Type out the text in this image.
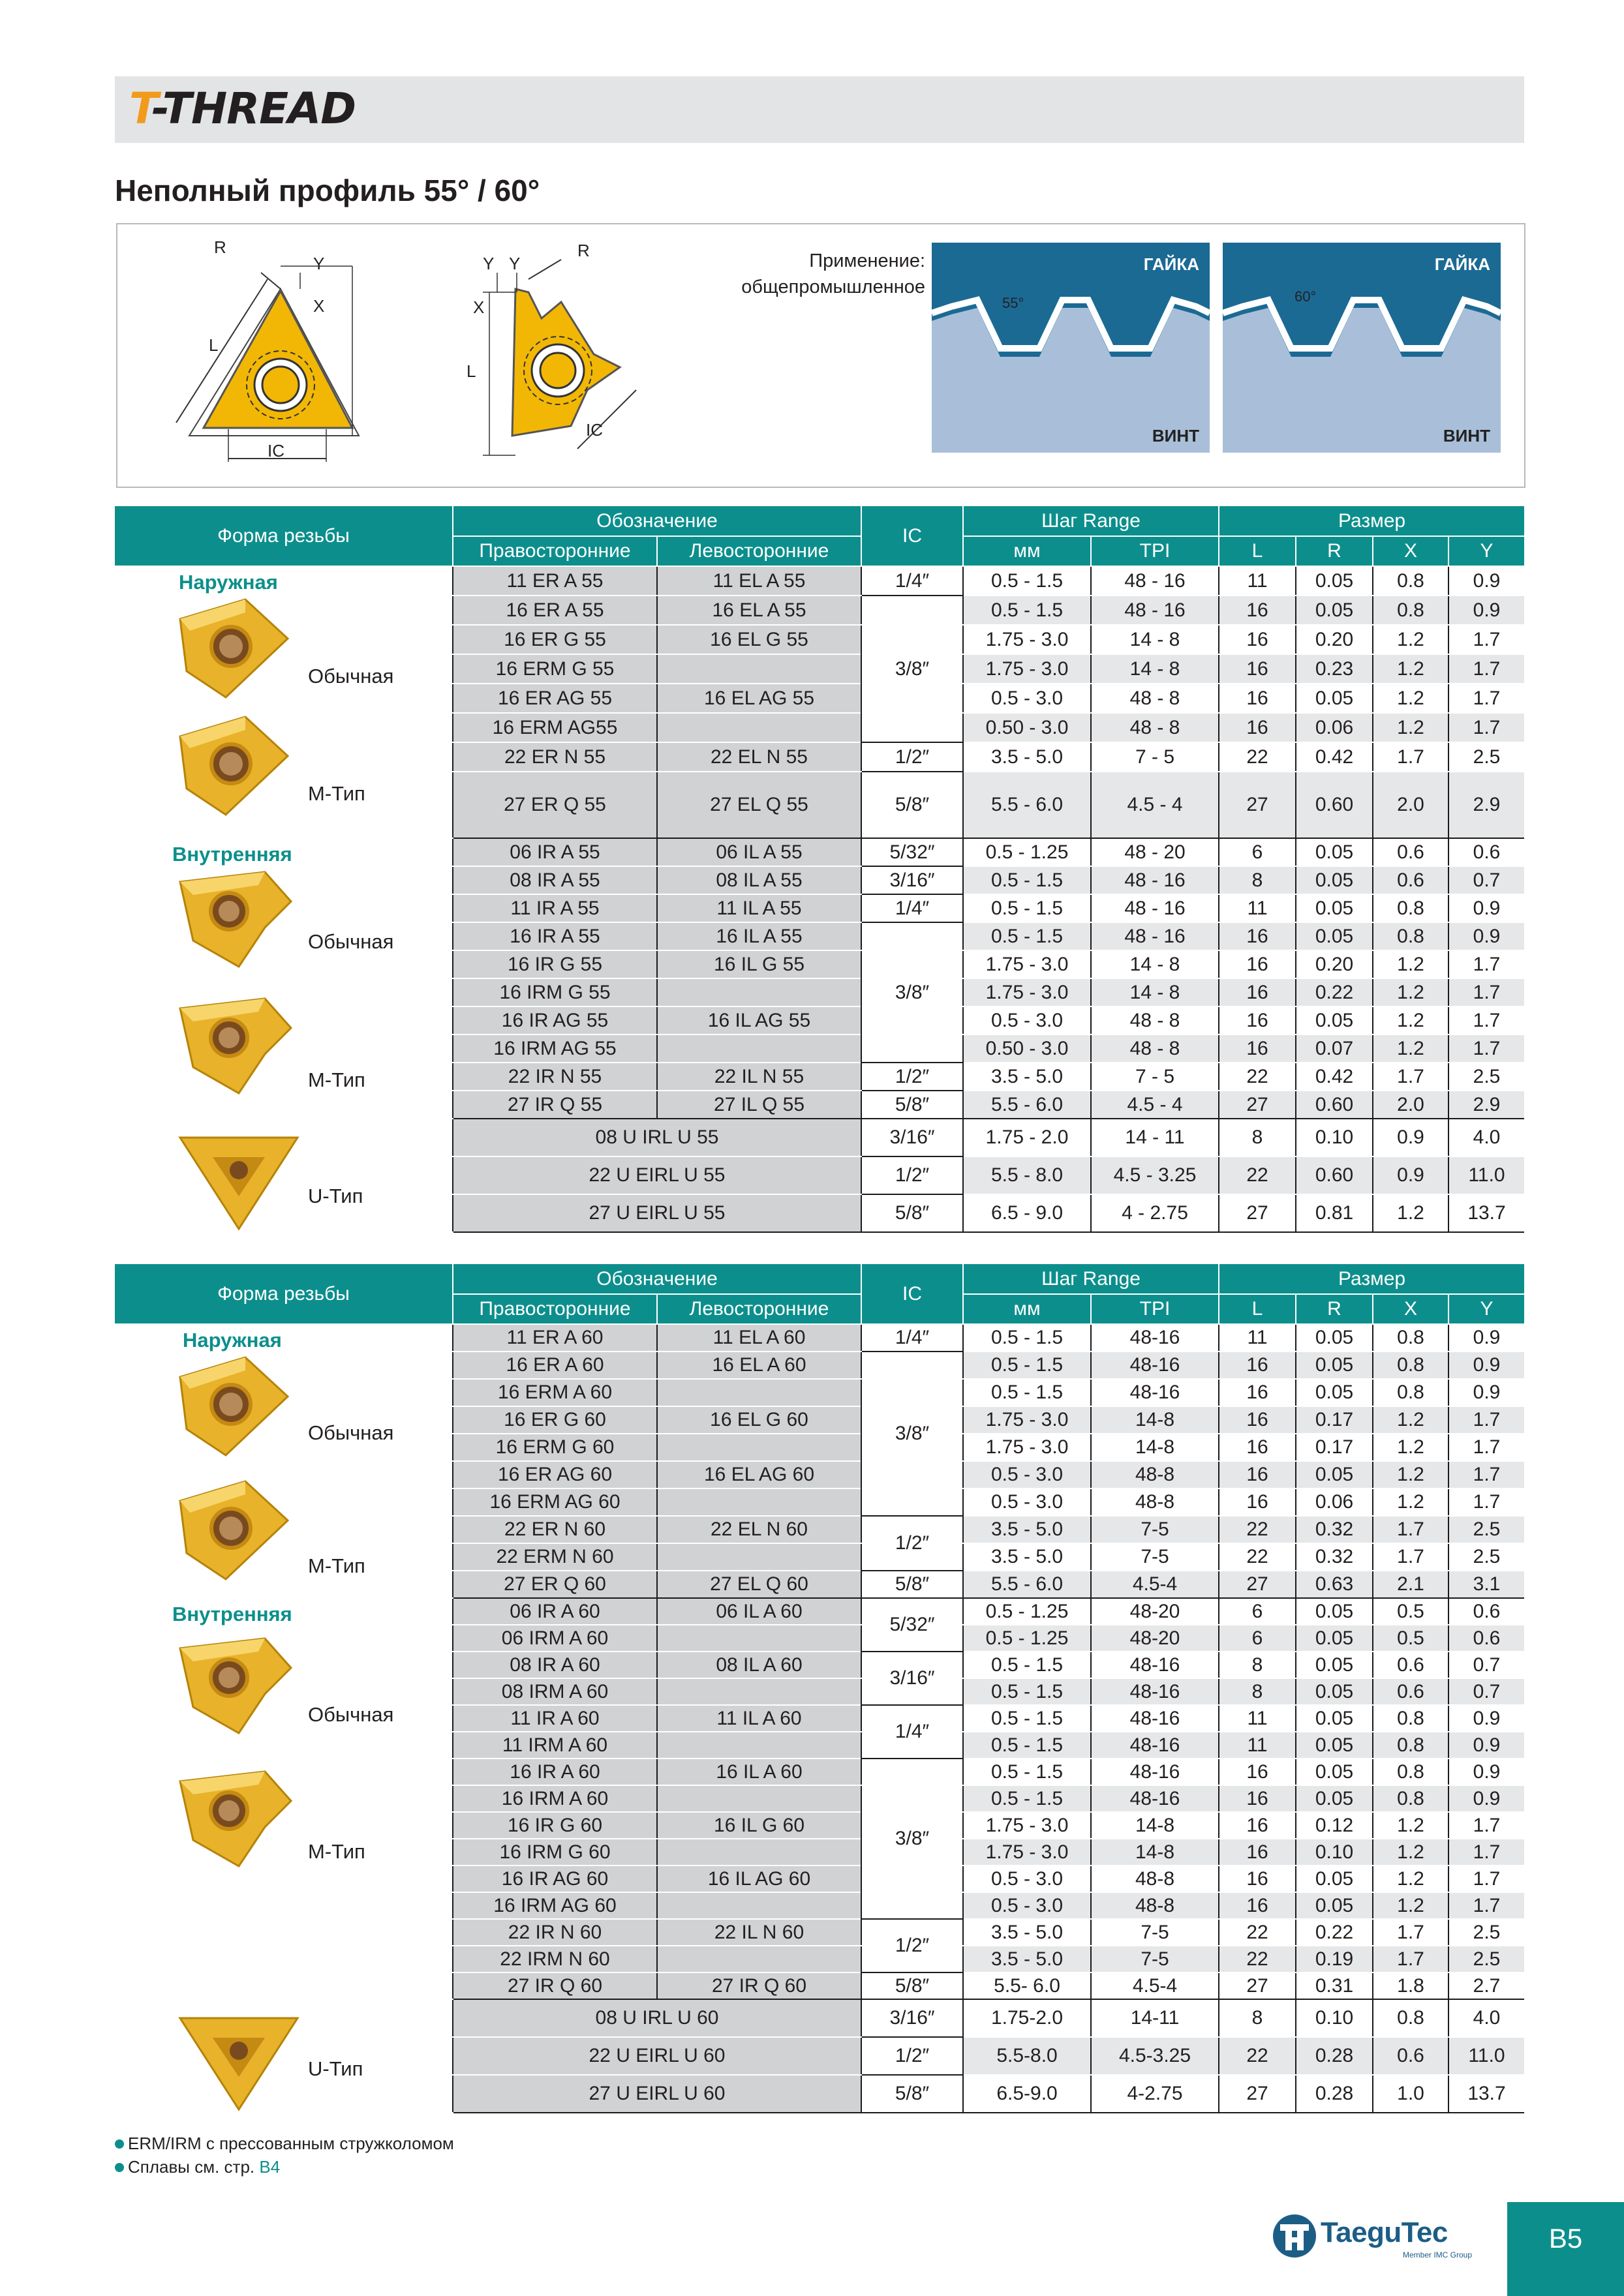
T-THREAD
Неполный профиль 55° / 60°
R
Y
X
L
IC
Y Y
R
X
L
IC
Применение:
общепромышленное
ГАЙКА
ВИНТ
55°
ГАЙКА
ВИНТ
60°
Форма резьбы	Обозначение		IC	Шаг Range		Размер			
	Правосторонние	Левосторонние		мм	TPI	L	R	X	Y

Наружная
Обычная
М-Тип	11 ER A 55	11 EL A 55	1/4″	0.5 - 1.5	48 - 16	11	0.05	0.8	0.9
	16 ER A 55	16 EL A 55	3/8″	0.5 - 1.5	48 - 16	16	0.05	0.8	0.9
	16 ER G 55	16 EL G 55		1.75 - 3.0	14 - 8	16	0.20	1.2	1.7
	16 ERM G 55			1.75 - 3.0	14 - 8	16	0.23	1.2	1.7
	16 ER AG 55	16 EL AG 55		0.5 - 3.0	48 - 8	16	0.05	1.2	1.7
	16 ERM AG55			0.50 - 3.0	48 - 8	16	0.06	1.2	1.7
	22 ER N 55	22 EL N 55	1/2″	3.5 - 5.0	7 - 5	22	0.42	1.7	2.5
	27 ER Q 55	27 EL Q 55	5/8″	5.5 - 6.0	4.5 - 4	27	0.60	2.0	2.9

Внутренняя
Обычная
М-Тип	06 IR A 55	06 IL A 55	5/32″	0.5 - 1.25	48 - 20	6	0.05	0.6	0.6
	08 IR A 55	08 IL A 55	3/16″	0.5 - 1.5	48 - 16	8	0.05	0.6	0.7
	11 IR A 55	11 IL A 55	1/4″	0.5 - 1.5	48 - 16	11	0.05	0.8	0.9
	16 IR A 55	16 IL A 55	3/8″	0.5 - 1.5	48 - 16	16	0.05	0.8	0.9
	16 IR G 55	16 IL G 55		1.75 - 3.0	14 - 8	16	0.20	1.2	1.7
	16 IRM G 55			1.75 - 3.0	14 - 8	16	0.22	1.2	1.7
	16 IR AG 55	16 IL AG 55		0.5 - 3.0	48 - 8	16	0.05	1.2	1.7
	16 IRM AG 55			0.50 - 3.0	48 - 8	16	0.07	1.2	1.7
	22 IR N 55	22 IL N 55	1/2″	3.5 - 5.0	7 - 5	22	0.42	1.7	2.5
	27 IR Q 55	27 IL Q 55	5/8″	5.5 - 6.0	4.5 - 4	27	0.60	2.0	2.9

U-Тип	08 U IRL U 55		3/16″	1.75 - 2.0	14 - 11	8	0.10	0.9	4.0
	22 U EIRL U 55		1/2″	5.5 - 8.0	4.5 - 3.25	22	0.60	0.9	11.0
	27 U EIRL U 55		5/8″	6.5 - 9.0	4 - 2.75	27	0.81	1.2	13.7
Форма резьбы	Обозначение		IC	Шаг Range		Размер			
	Правосторонние	Левосторонние		мм	TPI	L	R	X	Y

Наружная
Обычная
М-Тип	11 ER A 60	11 EL A 60	1/4″	0.5 - 1.5	48-16	11	0.05	0.8	0.9
	16 ER A 60	16 EL A 60	3/8″	0.5 - 1.5	48-16	16	0.05	0.8	0.9
	16 ERM A 60			0.5 - 1.5	48-16	16	0.05	0.8	0.9
	16 ER G 60	16 EL G 60		1.75 - 3.0	14-8	16	0.17	1.2	1.7
	16 ERM G 60			1.75 - 3.0	14-8	16	0.17	1.2	1.7
	16 ER AG 60	16 EL AG 60		0.5 - 3.0	48-8	16	0.05	1.2	1.7
	16 ERM AG 60			0.5 - 3.0	48-8	16	0.06	1.2	1.7
	22 ER N 60	22 EL N 60	1/2″	3.5 - 5.0	7-5	22	0.32	1.7	2.5
	22 ERM N 60			3.5 - 5.0	7-5	22	0.32	1.7	2.5
	27 ER Q 60	27 EL Q 60	5/8″	5.5 - 6.0	4.5-4	27	0.63	2.1	3.1

Внутренняя
Обычная
М-Тип	06 IR A 60	06 IL A 60	5/32″	0.5 - 1.25	48-20	6	0.05	0.5	0.6
	06 IRM A 60			0.5 - 1.25	48-20	6	0.05	0.5	0.6
	08 IR A 60	08 IL A 60	3/16″	0.5 - 1.5	48-16	8	0.05	0.6	0.7
	08 IRM A 60			0.5 - 1.5	48-16	8	0.05	0.6	0.7
	11 IR A 60	11 IL A 60	1/4″	0.5 - 1.5	48-16	11	0.05	0.8	0.9
	11 IRM A 60			0.5 - 1.5	48-16	11	0.05	0.8	0.9
	16 IR A 60	16 IL A 60	3/8″	0.5 - 1.5	48-16	16	0.05	0.8	0.9
	16 IRM A 60			0.5 - 1.5	48-16	16	0.05	0.8	0.9
	16 IR G 60	16 IL G 60		1.75 - 3.0	14-8	16	0.12	1.2	1.7
	16 IRM G 60			1.75 - 3.0	14-8	16	0.10	1.2	1.7
	16 IR AG 60	16 IL AG 60		0.5 - 3.0	48-8	16	0.05	1.2	1.7
	16 IRM AG 60			0.5 - 3.0	48-8	16	0.05	1.2	1.7
	22 IR N 60	22 IL N 60	1/2″	3.5 - 5.0	7-5	22	0.22	1.7	2.5
	22 IRM N 60			3.5 - 5.0	7-5	22	0.19	1.7	2.5
	27 IR Q 60	27 IR Q 60	5/8″	5.5- 6.0	4.5-4	27	0.31	1.8	2.7

U-Тип	08 U IRL U 60		3/16″	1.75-2.0	14-11	8	0.10	0.8	4.0
	22 U EIRL U 60		1/2″	5.5-8.0	4.5-3.25	22	0.28	0.6	11.0
	27 U EIRL U 60		5/8″	6.5-9.0	4-2.75	27	0.28	1.0	13.7
ERM/IRM с прессованным стружколомом
Сплавы см. стр. B4
TaeguTec
Member IMC Group
B5
